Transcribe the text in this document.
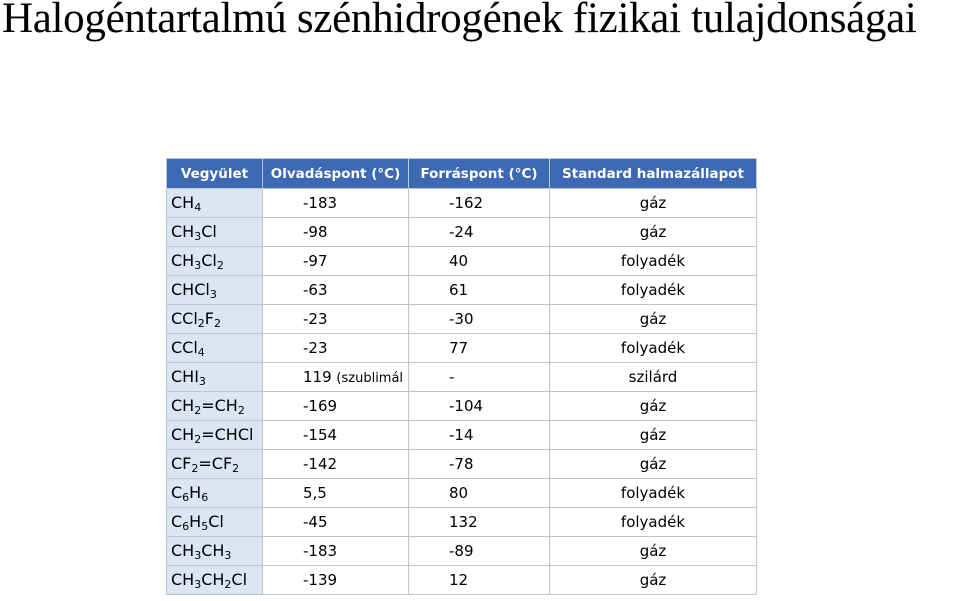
Halogéntartalmú szénhidrogének fizikai tulajdonságai
Vegyület	Olvadáspont (°C)	Forráspont (°C)	Standard halmazállapot
$CH_4$	-183	-162	gáz
$CH_3Cl$	-98	-24	gáz
$CH_3Cl_2$	-97	40	folyadék
CHCl$_3$	-63	61	folyadék
$CCl_2F_2$	-23	-30	gáz
CCl$_4$	-23	77	folyadék
$CHI_3$	119 (szublimál	-	szilárd
$CH_2=CH_2$	-169	-104	gáz
$CH_2=CHCl$	-154	-14	gáz
$CF_2=CF_2$	-142	-78	gáz
$C_6H_6$	5,5	80	folyadék
$C_6H_5Cl$	-45	132	folyadék
$CH_3CH_3$	-183	-89	gáz
$CH_3CH_2Cl$	-139	12	gáz
